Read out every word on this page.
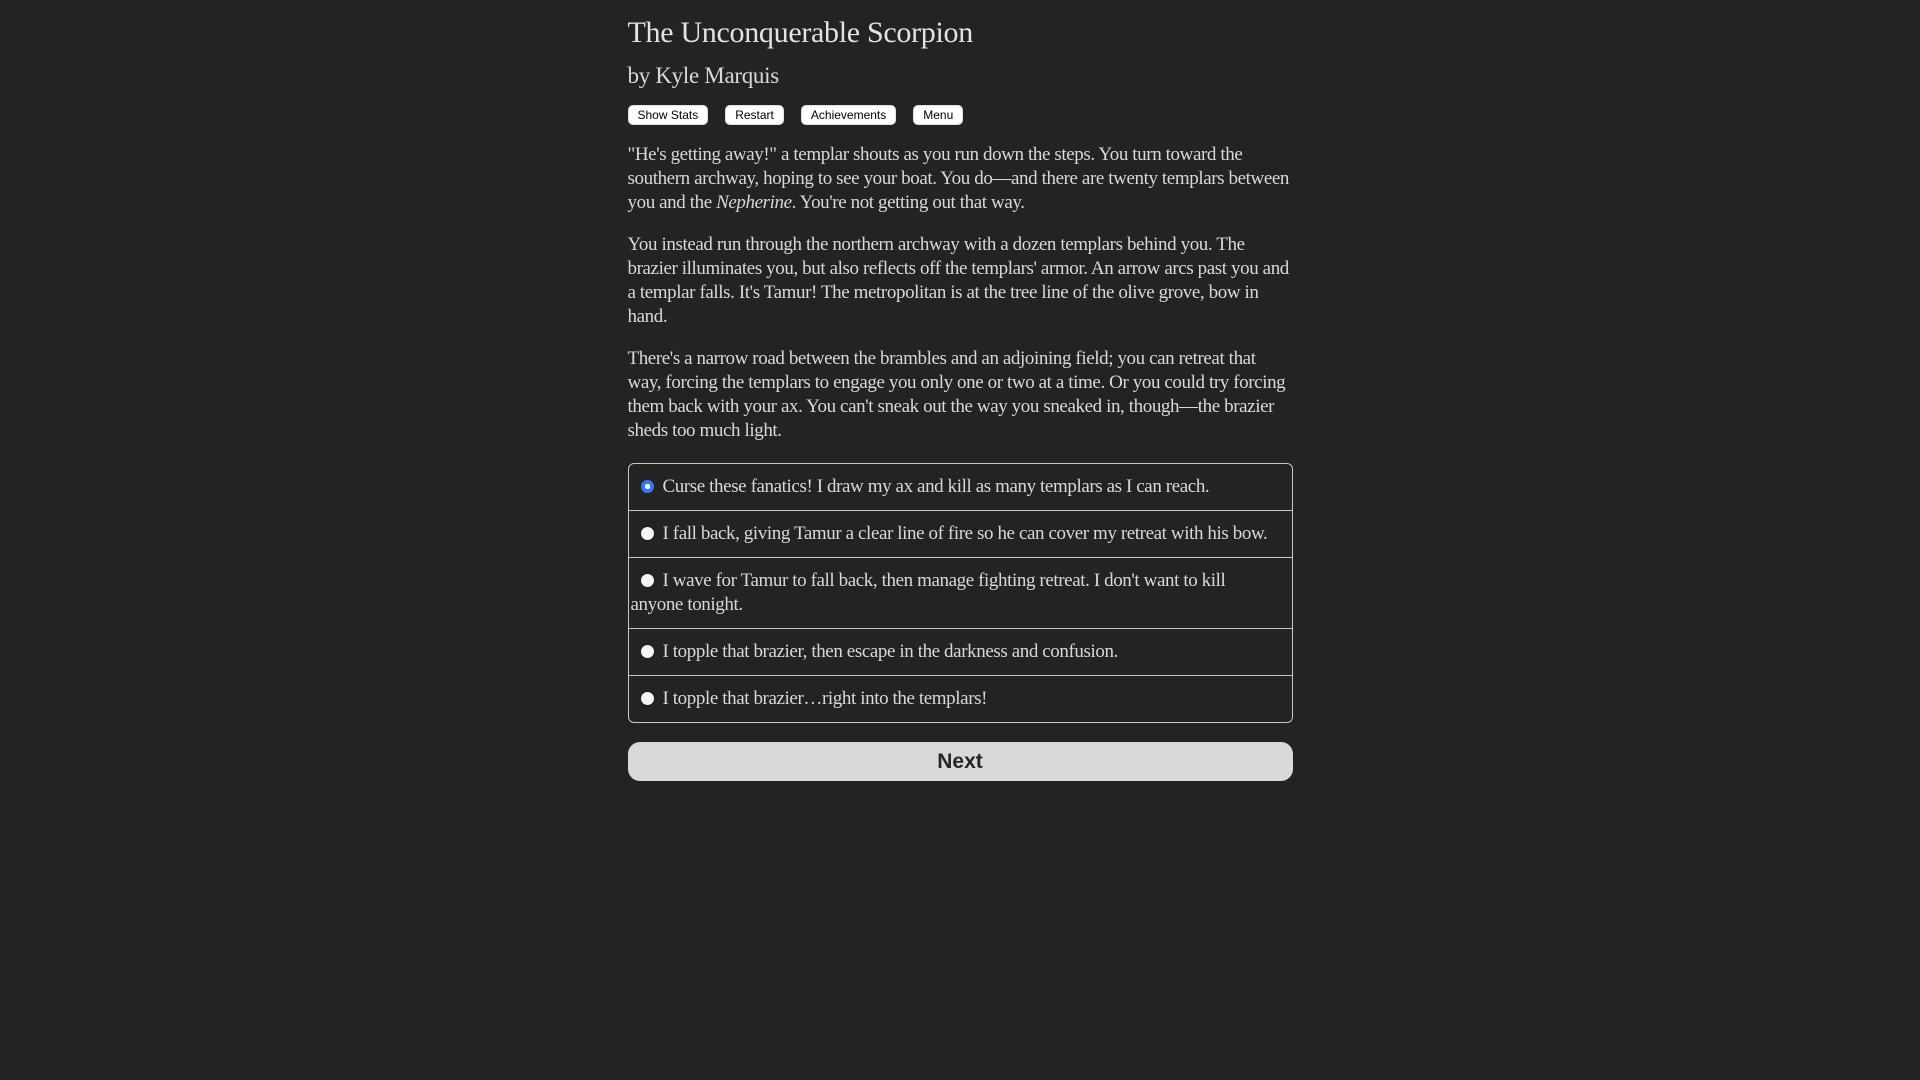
The Unconquerable Scorpion
by Kyle Marquis
Show Stats	Restart	Achievements	Menu

"He's getting away!" a templar shouts as you run down the steps. You turn toward the southern archway, hoping to see your boat. You do—and there are twenty templars between you and the Nepherine. You're not getting out that way.

You instead run through the northern archway with a dozen templars behind you. The brazier illuminates you, but also reflects off the templars' armor. An arrow arcs past you and a templar falls. It's Tamur! The metropolitan is at the tree line of the olive grove, bow in hand.

There's a narrow road between the brambles and an adjoining field; you can retreat that way, forcing the templars to engage you only one or two at a time. Or you could try forcing them back with your ax. You can't sneak out the way you sneaked in, though—the brazier sheds too much light.

Curse these fanatics! I draw my ax and kill as many templars as I can reach.
I fall back, giving Tamur a clear line of fire so he can cover my retreat with his bow.
I wave for Tamur to fall back, then manage fighting retreat. I don't want to kill anyone tonight.
I topple that brazier, then escape in the darkness and confusion.
I topple that brazier…right into the templars!
Next
